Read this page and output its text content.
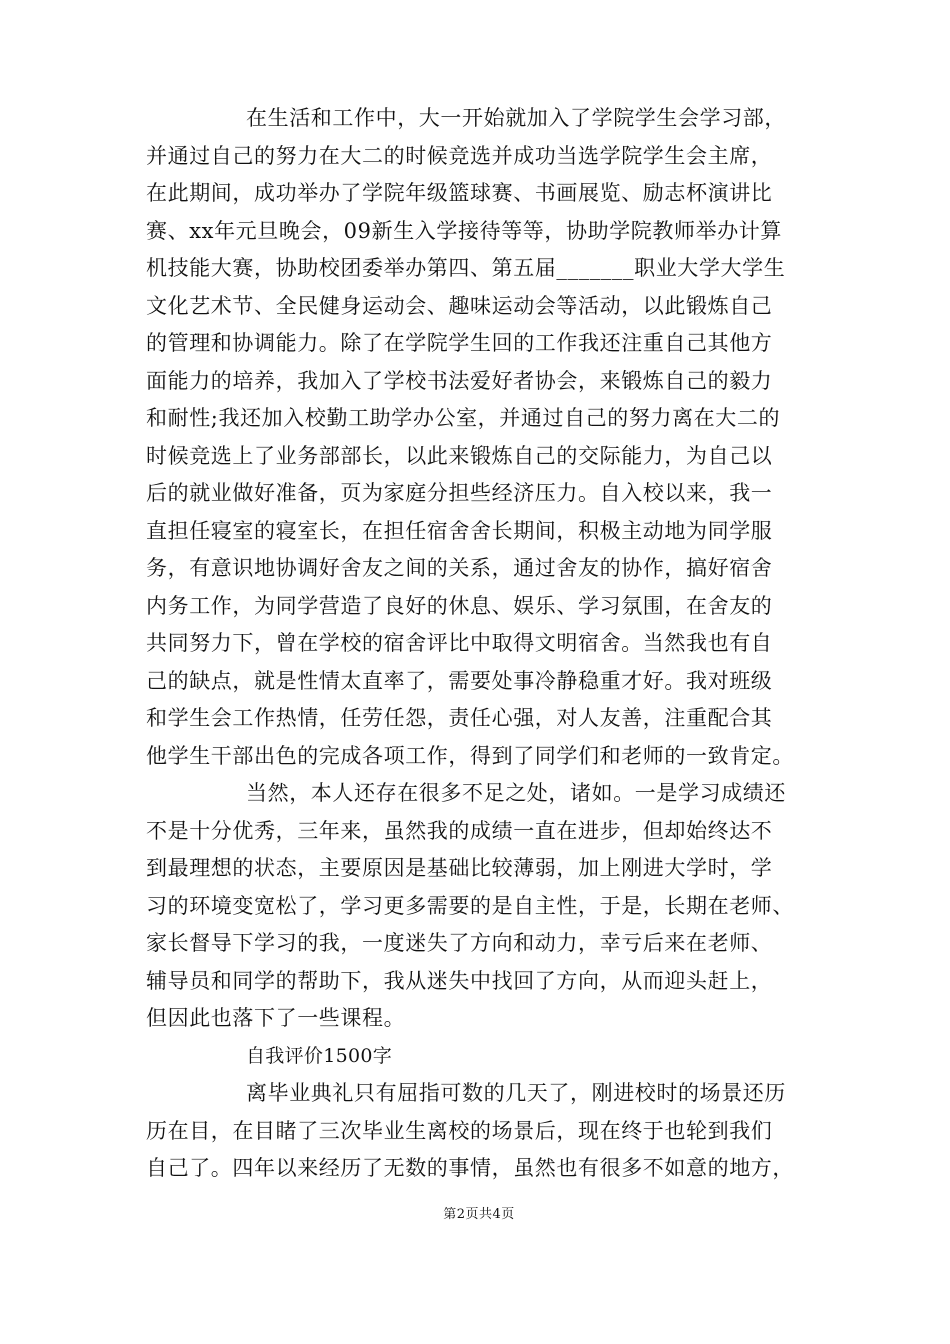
在生活和工作中，大一开始就加入了学院学生会学习部，
并通过自己的努力在大二的时候竞选并成功当选学院学生会主席，
在此期间，成功举办了学院年级篮球赛、书画展览、励志杯演讲比
赛、xx年元旦晚会，09新生入学接待等等，协助学院教师举办计算
机技能大赛，协助校团委举办第四、第五届_______职业大学大学生
文化艺术节、全民健身运动会、趣味运动会等活动，以此锻炼自己
的管理和协调能力。除了在学院学生回的工作我还注重自己其他方
面能力的培养，我加入了学校书法爱好者协会，来锻炼自己的毅力
和耐性;我还加入校勤工助学办公室，并通过自己的努力离在大二的
时候竞选上了业务部部长，以此来锻炼自己的交际能力，为自己以
后的就业做好准备，页为家庭分担些经济压力。自入校以来，我一
直担任寝室的寝室长，在担任宿舍舍长期间，积极主动地为同学服
务，有意识地协调好舍友之间的关系，通过舍友的协作，搞好宿舍
内务工作，为同学营造了良好的休息、娱乐、学习氛围，在舍友的
共同努力下，曾在学校的宿舍评比中取得文明宿舍。当然我也有自
己的缺点，就是性情太直率了，需要处事冷静稳重才好。我对班级
和学生会工作热情，任劳任怨，责任心强，对人友善，注重配合其
他学生干部出色的完成各项工作，得到了同学们和老师的一致肯定。
当然，本人还存在很多不足之处，诸如。一是学习成绩还
不是十分优秀，三年来，虽然我的成绩一直在进步，但却始终达不
到最理想的状态，主要原因是基础比较薄弱，加上刚进大学时，学
习的环境变宽松了，学习更多需要的是自主性，于是，长期在老师、
家长督导下学习的我，一度迷失了方向和动力，幸亏后来在老师、
辅导员和同学的帮助下，我从迷失中找回了方向，从而迎头赶上，
但因此也落下了一些课程。
自我评价1500字
离毕业典礼只有屈指可数的几天了，刚进校时的场景还历
历在目，在目睹了三次毕业生离校的场景后，现在终于也轮到我们
自己了。四年以来经历了无数的事情，虽然也有很多不如意的地方，
第2页共4页
